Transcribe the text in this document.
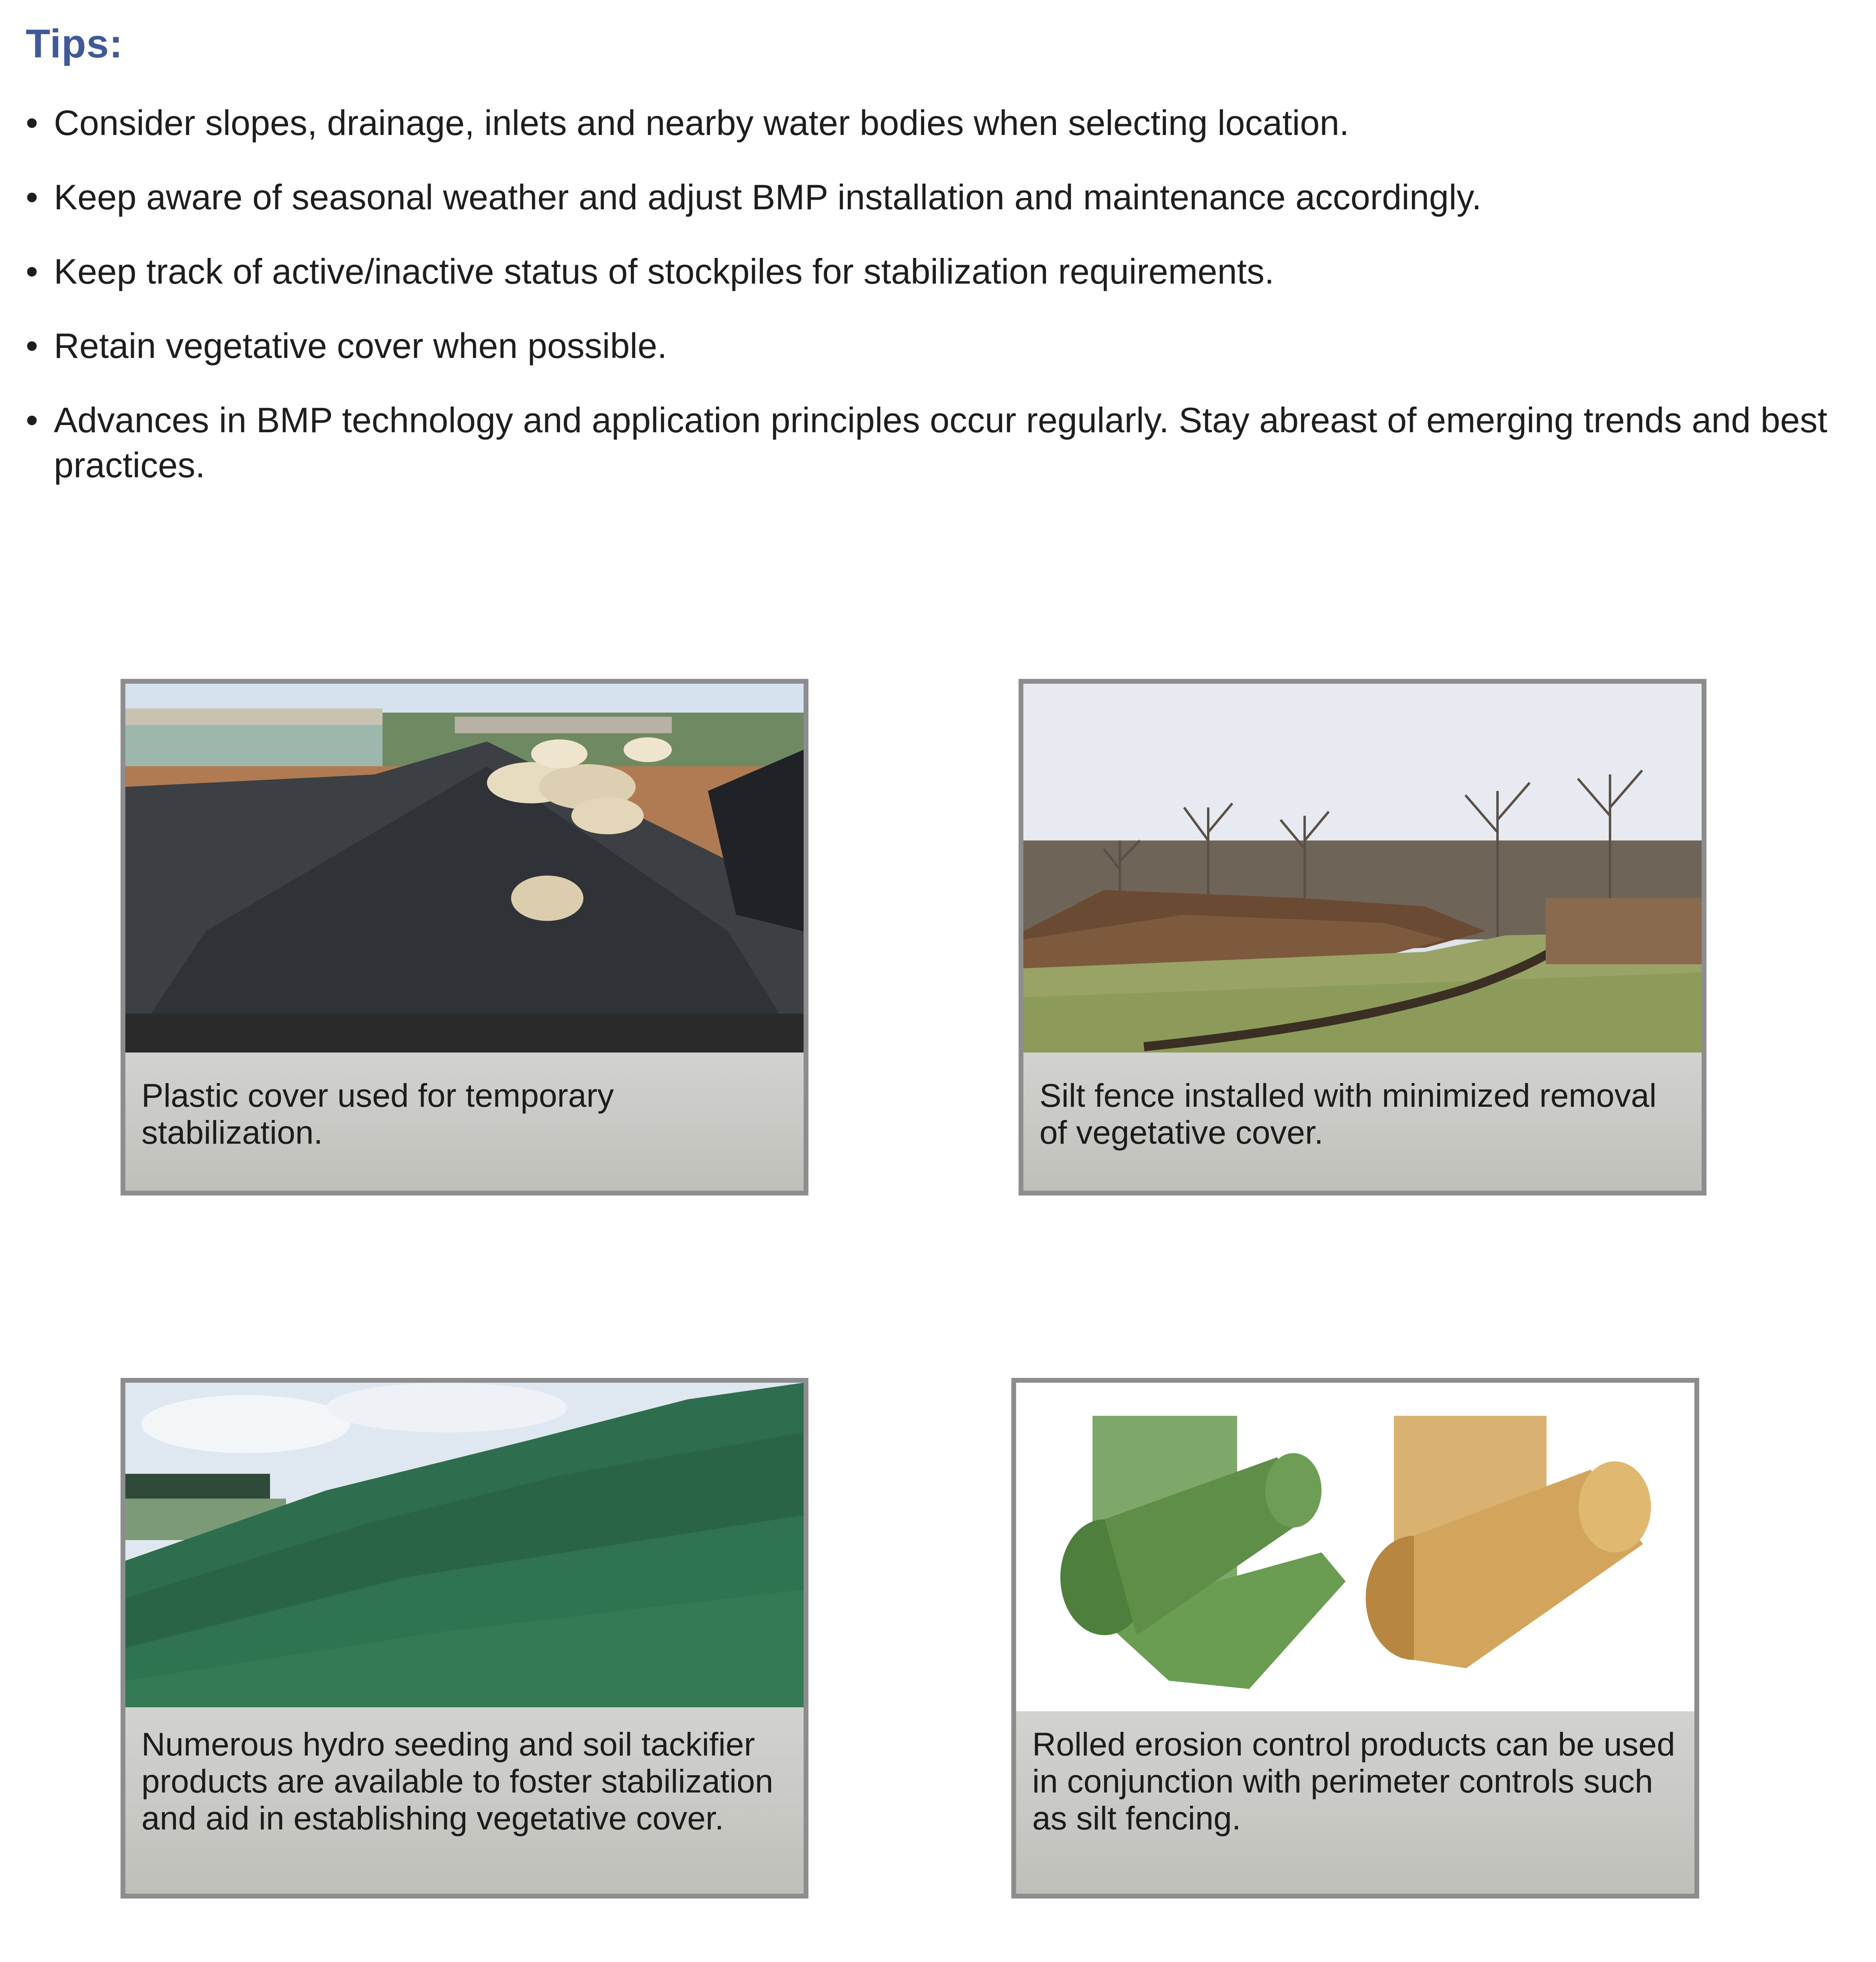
Tips:
• Consider slopes, drainage, inlets and nearby water bodies when selecting location.
• Keep aware of seasonal weather and adjust BMP installation and maintenance accordingly.
• Keep track of active/inactive status of stockpiles for stabilization requirements.
• Retain vegetative cover when possible.
• Advances in BMP technology and application principles occur regularly. Stay abreast of emerging trends and best practices.
Plastic cover used for temporary stabilization.
Silt fence installed with minimized removal of vegetative cover.
Numerous hydro seeding and soil tackifier products are available to foster stabilization and aid in establishing vegetative cover.
Rolled erosion control products can be used in conjunction with perimeter controls such as silt fencing.
